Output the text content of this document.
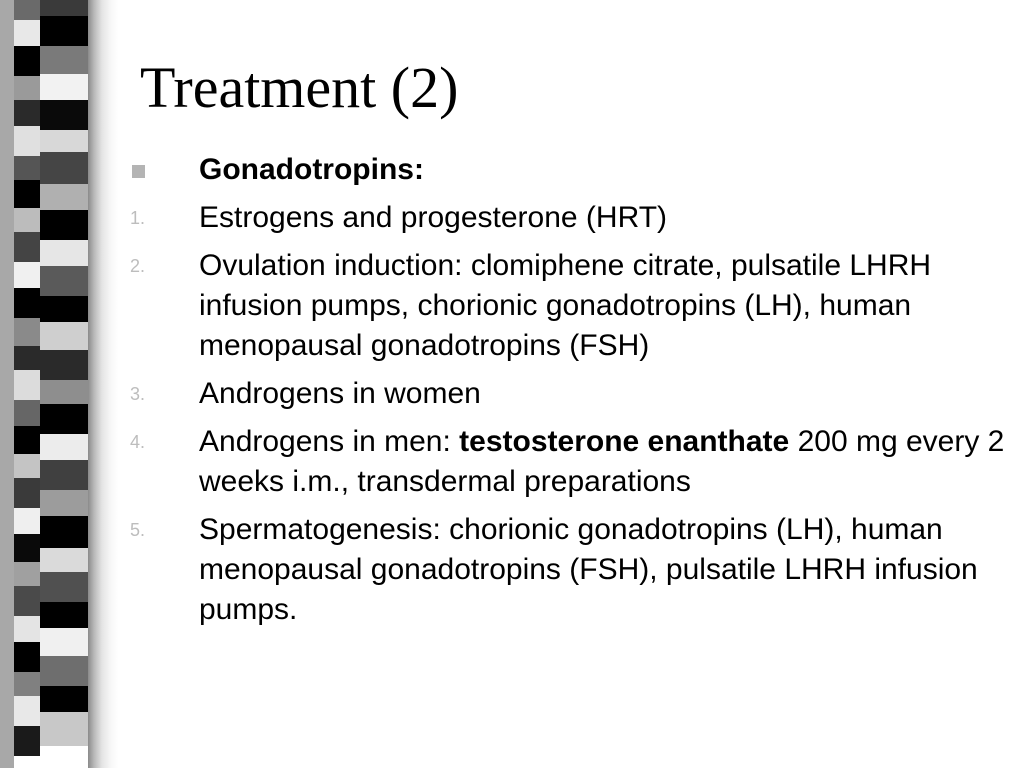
Treatment (2)
Gonadotropins:
1.	Estrogens and progesterone (HRT)
2.	Ovulation induction: clomiphene citrate, pulsatile LHRH infusion pumps, chorionic gonadotropins (LH), human menopausal gonadotropins (FSH)
3.	Androgens in women
4.	Androgens in men: testosterone enanthate 200 mg every 2 weeks i.m., transdermal preparations
5.	Spermatogenesis: chorionic gonadotropins (LH), human menopausal gonadotropins (FSH), pulsatile LHRH infusion pumps.
